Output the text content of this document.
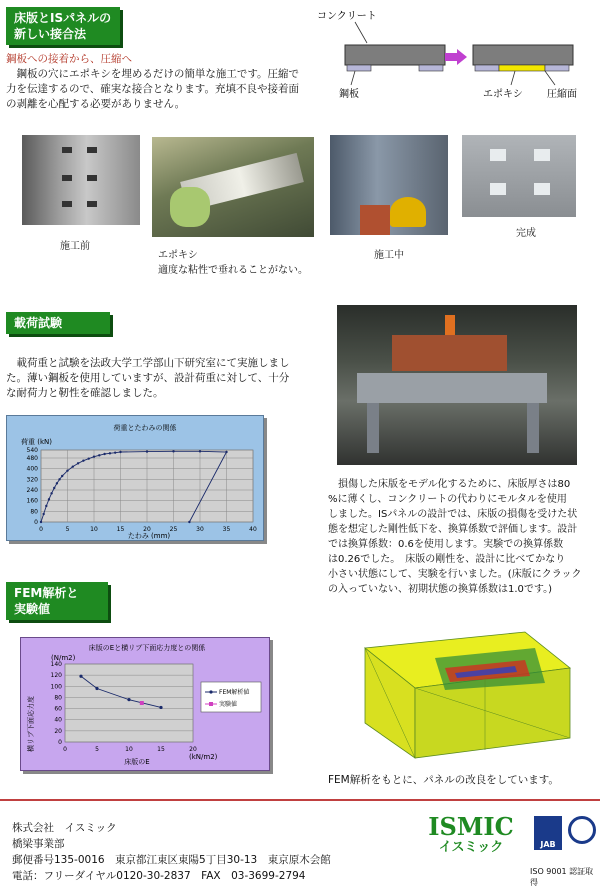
床版とISパネルの
新しい接合法
鋼板への接着から、圧縮へ
　鋼板の穴にエポキシを埋めるだけの簡単な施工です。圧縮で
力を伝達するので、確実な接合となります。充填不良や接着面
の剥離を心配する必要がありません。
コンクリート
鋼板	エポキシ 圧縮面
施工前
エポキシ
適度な粘性で垂れることがない。
施工中
完成
載荷試験
　載荷重と試験を法政大学工学部山下研究室にて実施しまし
た。薄い鋼板を使用していますが、設計荷重に対して、十分
な耐荷力と靭性を確認しました。
荷重とたわみの関係
荷重 (kN)
たわみ (mm)
0
80
160
240
320
400
480
540
0	5	10	15	20	25	30	35	40
　損傷した床版をモデル化するために、床版厚さは80
%に薄くし、コンクリートの代わりにモルタルを使用
しました。ISパネルの設計では、床版の損傷を受けた状
態を想定した剛性低下を、換算係数で評価します。設計
では換算係数：0.6を使用します。実験での換算係数
は0.26でした。　床版の剛性を、設計に比べてかなり
小さい状態にして、実験を行いました。(床版にクラック
の入っていない、初期状態の換算係数は1.0です。)
FEM解析と
実験値
床版のEと横リブ下面応力度との関係
(N/m2)
横リブ下面応力度
床版のE
(kN/m2)
0
20
40
60
80
100
120
140
0	5	10	15	20
FEM解析値
実験値
FEM解析をもとに、パネルの改良をしています。
株式会社　イスミック
橋梁事業部
郵便番号135-0016　東京都江東区東陽5丁目30-13　東京原木会館
電話：フリーダイヤル0120-30-2837　FAX　03-3699-2794
ISMIC
イスミック	JAB
ISO 9001 認証取得
